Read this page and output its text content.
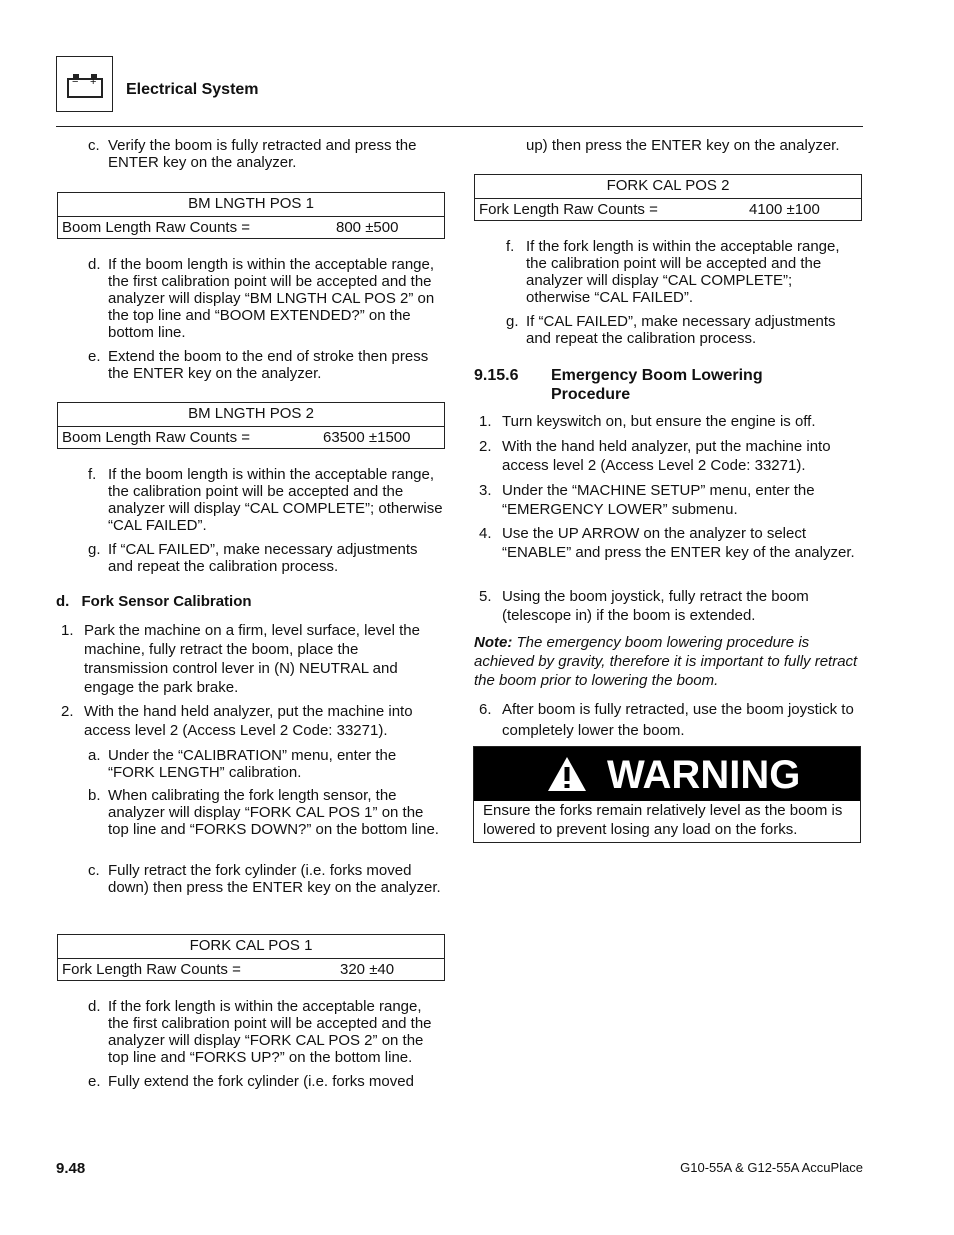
− + Electrical System
c. Verify the boom is fully retracted and press the ENTER key on the analyzer.
BM LNGTH POS 1
Boom Length Raw Counts =	800 ±500
d. If the boom length is within the acceptable range, the first calibration point will be accepted and the analyzer will display “BM LNGTH CAL POS 2” on the top line and “BOOM EXTENDED?” on the bottom line.
e. Extend the boom to the end of stroke then press the ENTER key on the analyzer.
BM LNGTH POS 2
Boom Length Raw Counts =	63500 ±1500
f. If the boom length is within the acceptable range, the calibration point will be accepted and the analyzer will display “CAL COMPLETE”; otherwise “CAL FAILED”.
g. If “CAL FAILED”, make necessary adjustments and repeat the calibration process.
d. Fork Sensor Calibration
1. Park the machine on a firm, level surface, level the machine, fully retract the boom, place the transmission control lever in (N) NEUTRAL and engage the park brake.
2. With the hand held analyzer, put the machine into access level 2 (Access Level 2 Code: 33271).
a. Under the “CALIBRATION” menu, enter the “FORK LENGTH” calibration.
b. When calibrating the fork length sensor, the analyzer will display “FORK CAL POS 1” on the top line and “FORKS DOWN?” on the bottom line.
c. Fully retract the fork cylinder (i.e. forks moved down) then press the ENTER key on the analyzer.
FORK CAL POS 1
Fork Length Raw Counts =	320 ±40
d. If the fork length is within the acceptable range, the first calibration point will be accepted and the analyzer will display “FORK CAL POS 2” on the top line and “FORKS UP?” on the bottom line.
e. Fully extend the fork cylinder (i.e. forks moved
up) then press the ENTER key on the analyzer.
FORK CAL POS 2
Fork Length Raw Counts =	4100 ±100
f. If the fork length is within the acceptable range, the calibration point will be accepted and the analyzer will display “CAL COMPLETE”; otherwise “CAL FAILED”.
g. If “CAL FAILED”, make necessary adjustments and repeat the calibration process.
9.15.6 Emergency Boom Lowering Procedure
1. Turn keyswitch on, but ensure the engine is off.
2. With the hand held analyzer, put the machine into access level 2 (Access Level 2 Code: 33271).
3. Under the “MACHINE SETUP” menu, enter the “EMERGENCY LOWER” submenu.
4. Use the UP ARROW on the analyzer to select “ENABLE” and press the ENTER key of the analyzer.
5. Using the boom joystick, fully retract the boom (telescope in) if the boom is extended.
Note: The emergency boom lowering procedure is achieved by gravity, therefore it is important to fully retract the boom prior to lowering the boom.
6. After boom is fully retracted, use the boom joystick to completely lower the boom.
WARNING
Ensure the forks remain relatively level as the boom is lowered to prevent losing any load on the forks.
9.48	G10-55A & G12-55A AccuPlace
